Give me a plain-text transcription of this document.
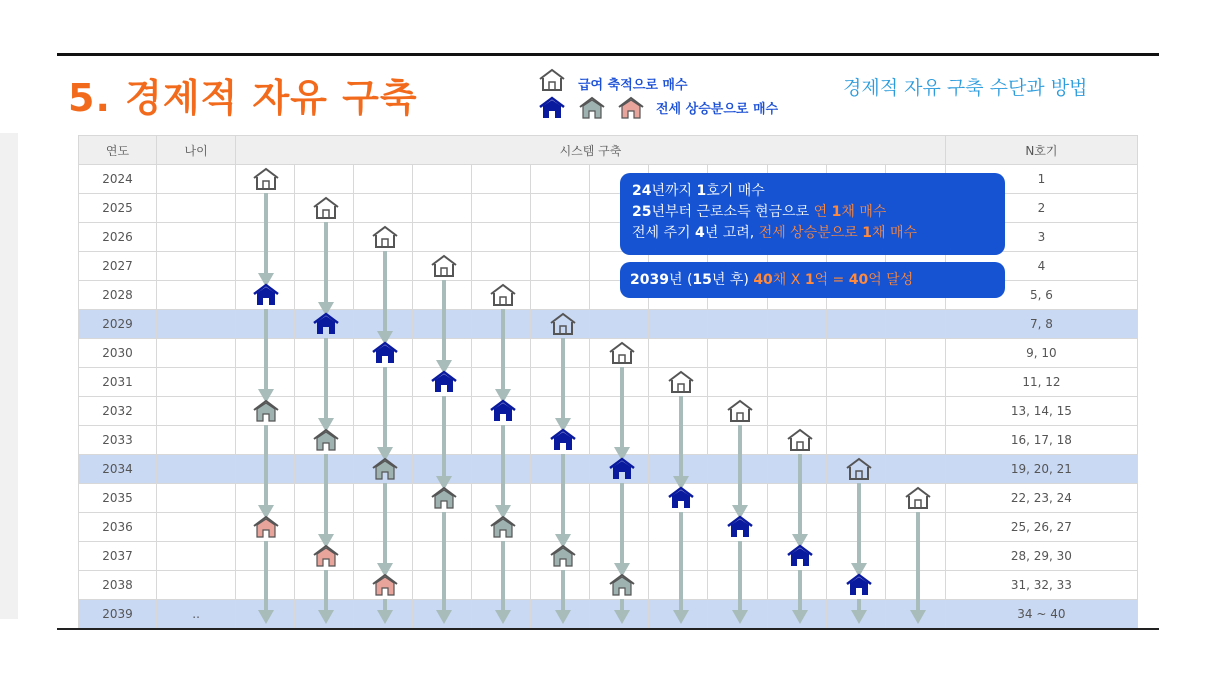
5. 경제적 자유 구축	경제적 자유 구축 수단과 방법
급여 축적으로 매수
전세 상승분으로 매수
연도	나이	시스템 구축												N호기
2024														1
2025														2
2026														3
2027														4
2028														5, 6
2029														7, 8
2030														9, 10
2031														11, 12
2032														13, 14, 15
2033														16, 17, 18
2034														19, 20, 21
2035														22, 23, 24
2036														25, 26, 27
2037														28, 29, 30
2038														31, 32, 33
2039	..													34 ~ 40
24년까지 1호기 매수
25년부터 근로소득 현금으로 연 1채 매수
전세 주기 4년 고려, 전세 상승분으로 1채 매수
2039년 (15년 후) 40채 X 1억 = 40억 달성
